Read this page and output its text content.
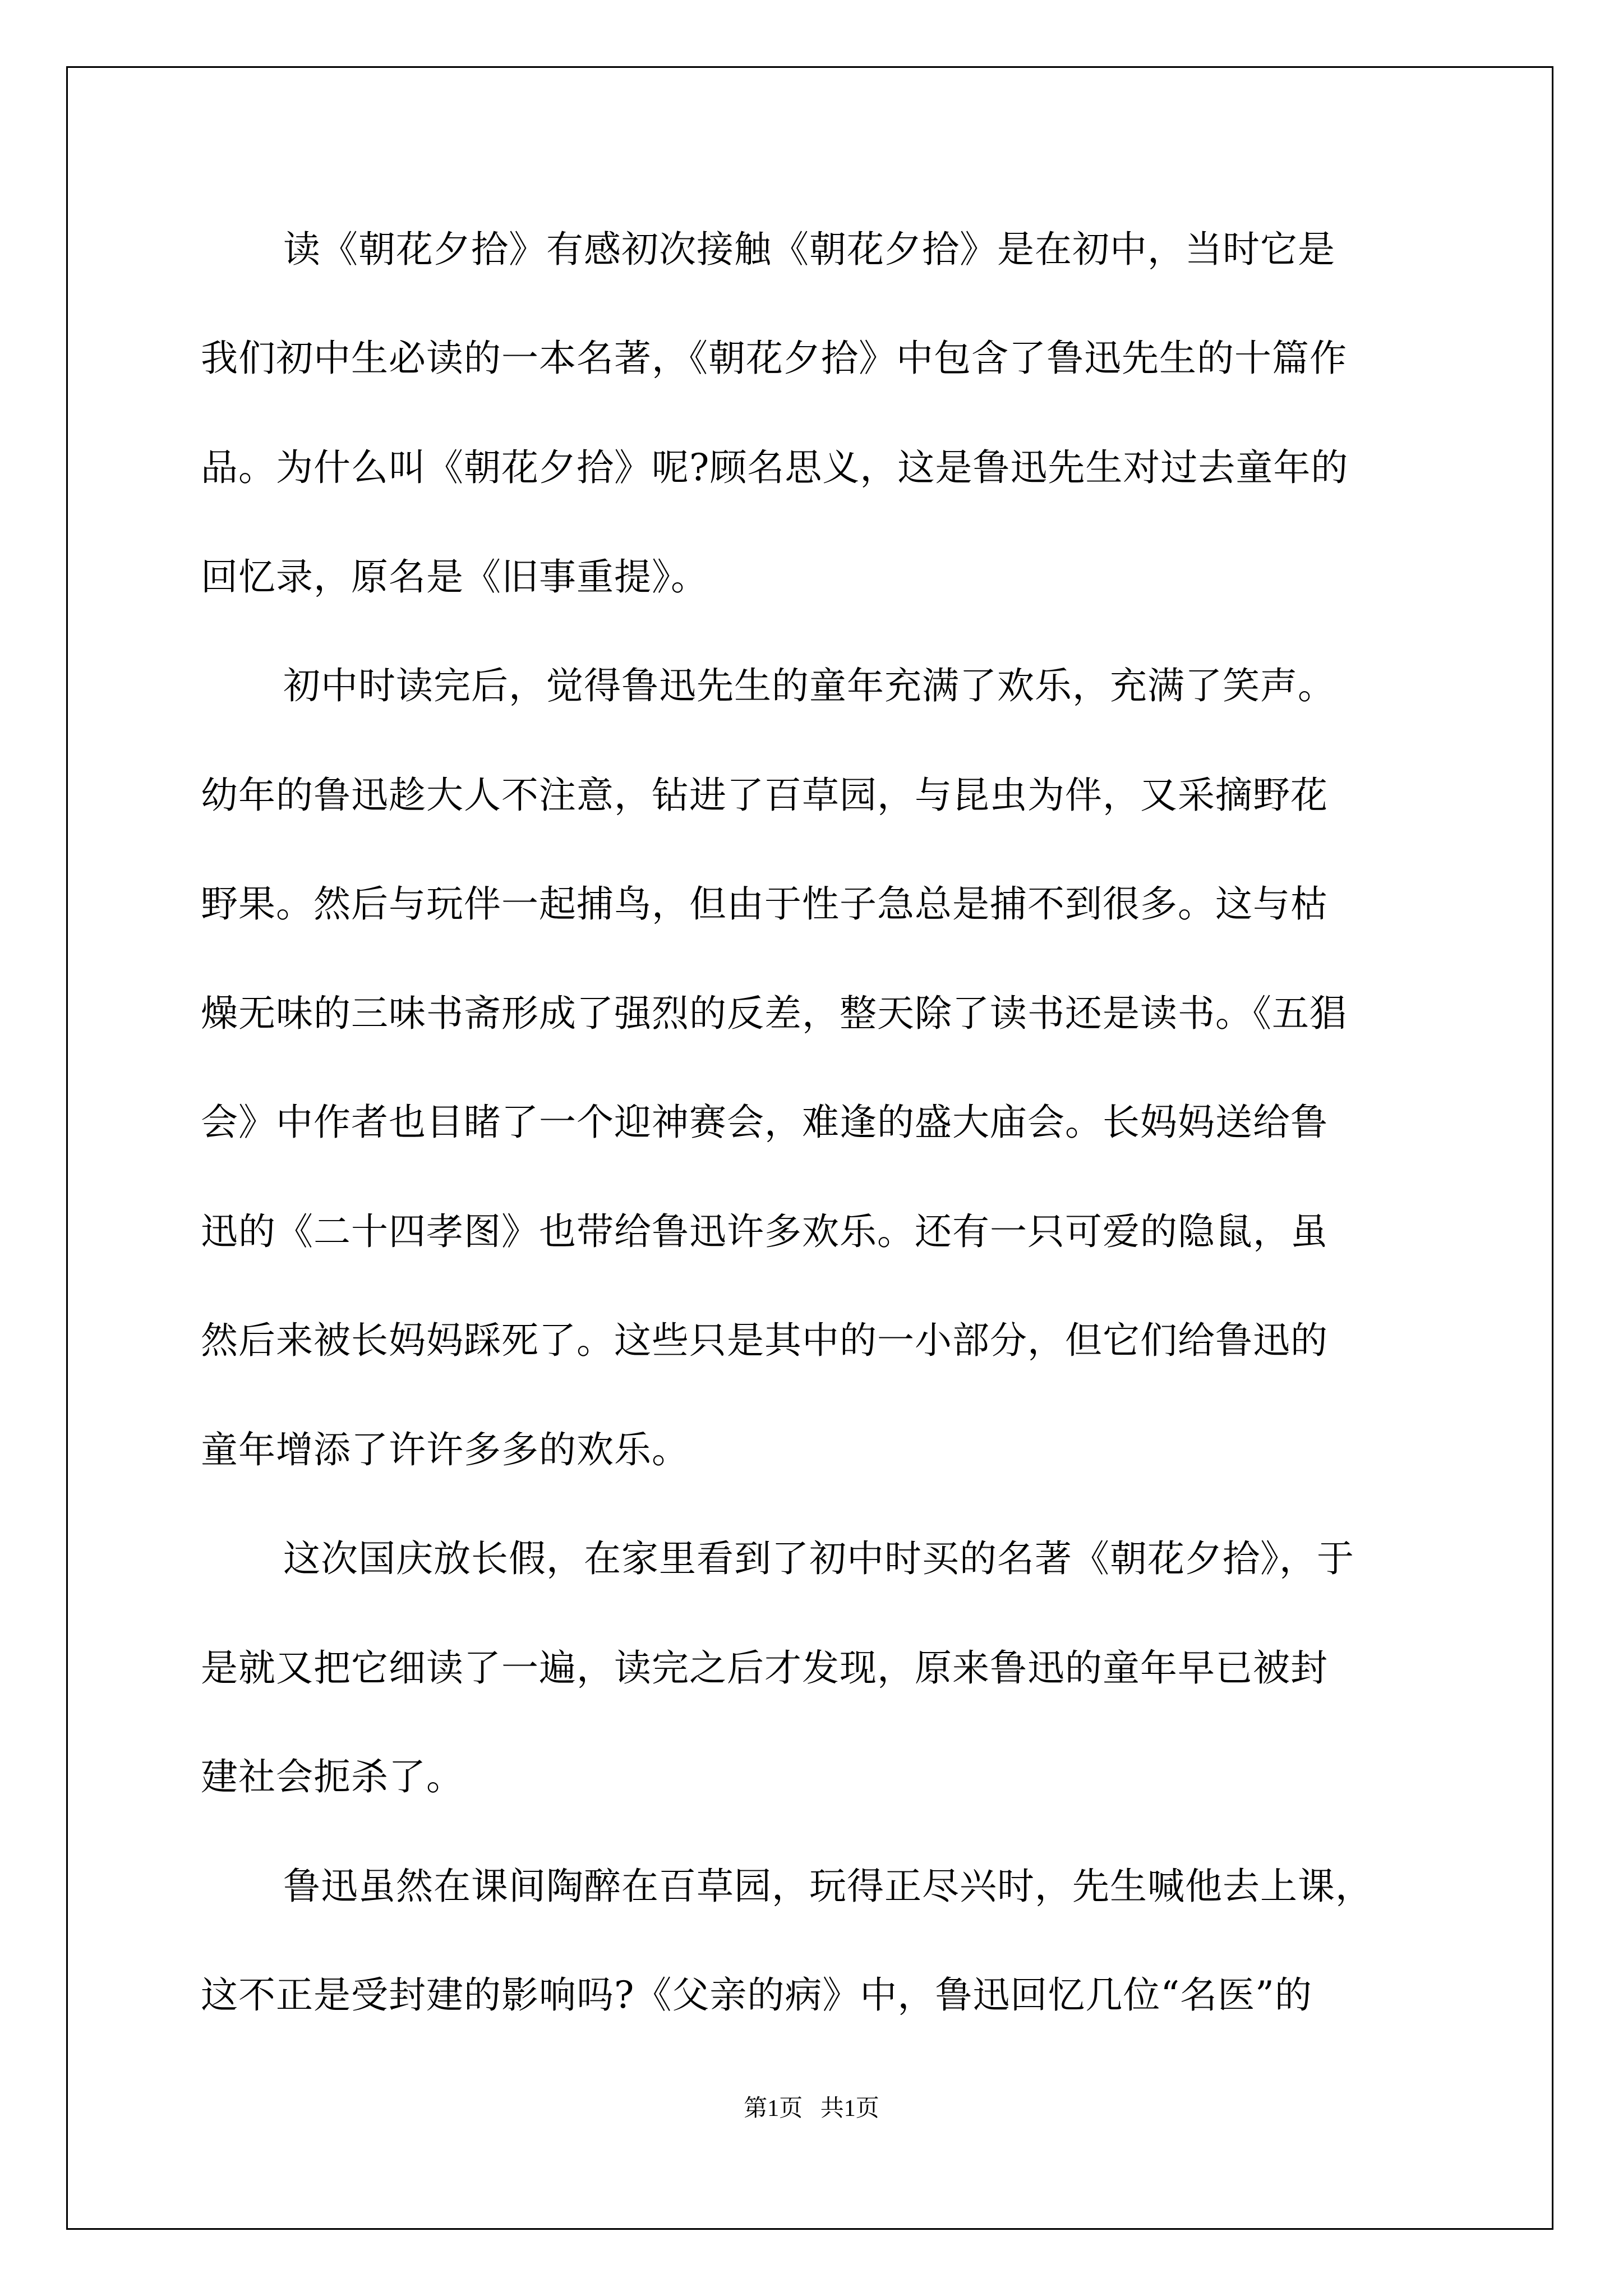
读《朝花夕拾》有感初次接触《朝花夕拾》是在初中，当时它是
我们初中生必读的一本名著，《朝花夕拾》中包含了鲁迅先生的十篇作
品。为什么叫《朝花夕拾》呢?顾名思义，这是鲁迅先生对过去童年的
回忆录，原名是《旧事重提》。
初中时读完后，觉得鲁迅先生的童年充满了欢乐，充满了笑声。
幼年的鲁迅趁大人不注意，钻进了百草园，与昆虫为伴，又采摘野花
野果。然后与玩伴一起捕鸟，但由于性子急总是捕不到很多。这与枯
燥无味的三味书斋形成了强烈的反差，整天除了读书还是读书。《五猖
会》中作者也目睹了一个迎神赛会，难逢的盛大庙会。长妈妈送给鲁
迅的《二十四孝图》也带给鲁迅许多欢乐。还有一只可爱的隐鼠，虽
然后来被长妈妈踩死了。这些只是其中的一小部分，但它们给鲁迅的
童年增添了许许多多的欢乐。
这次国庆放长假，在家里看到了初中时买的名著《朝花夕拾》，于
是就又把它细读了一遍，读完之后才发现，原来鲁迅的童年早已被封
建社会扼杀了。
鲁迅虽然在课间陶醉在百草园，玩得正尽兴时，先生喊他去上课，
这不正是受封建的影响吗?《父亲的病》中，鲁迅回忆几位“名医”的
第1页   共1页
